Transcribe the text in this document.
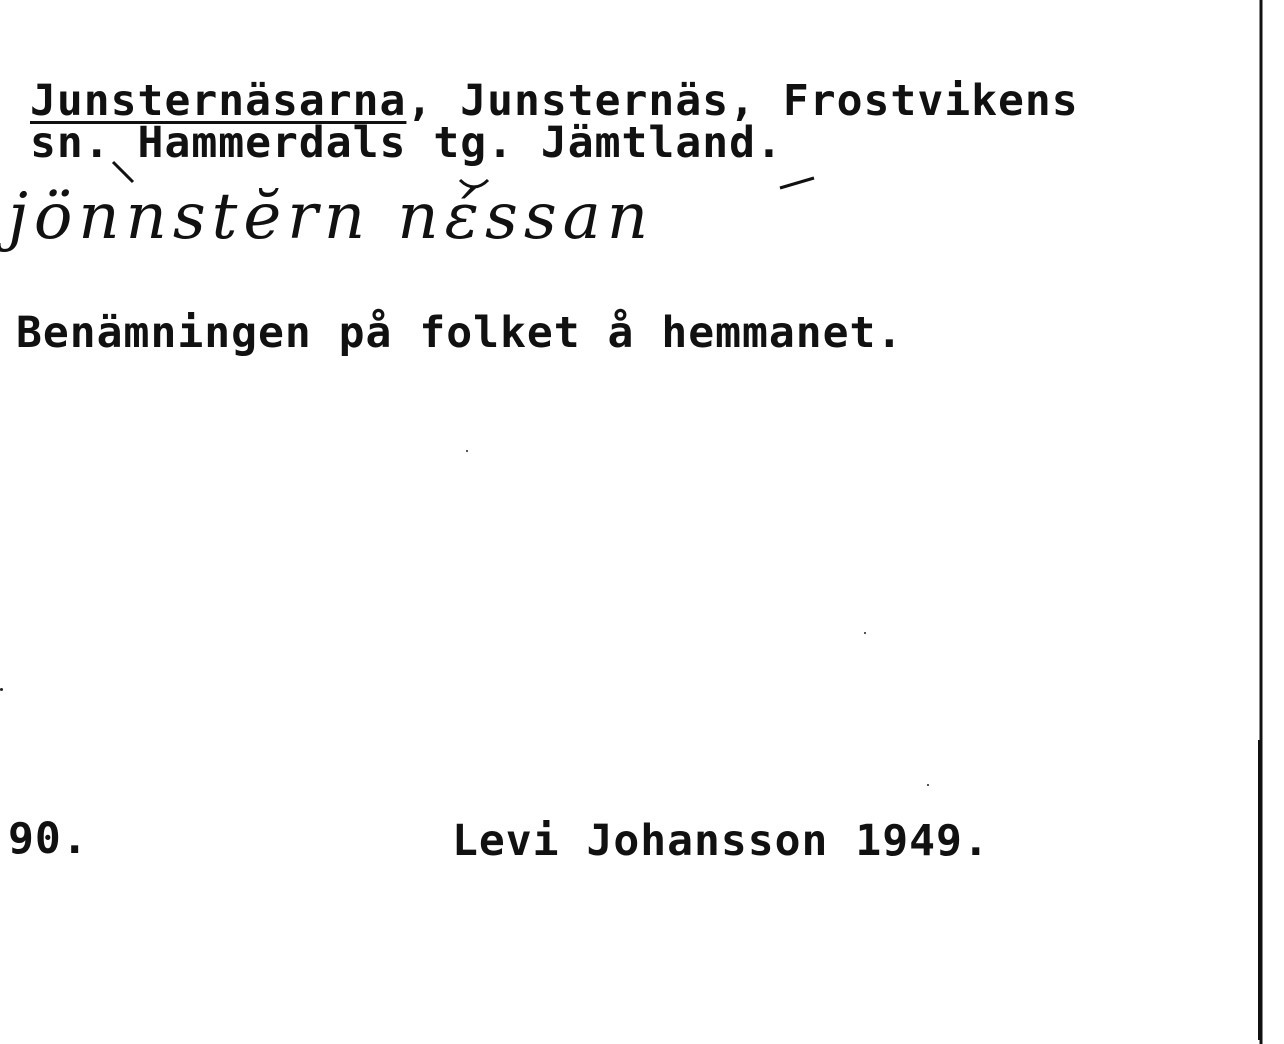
Junsternäsarna, Junsternäs, Frostvikens
sn. Hammerdals tg. Jämtland.
jönnstĕrn nέssan
Benämningen på folket å hemmanet.
90.	Levi Johansson 1949.
